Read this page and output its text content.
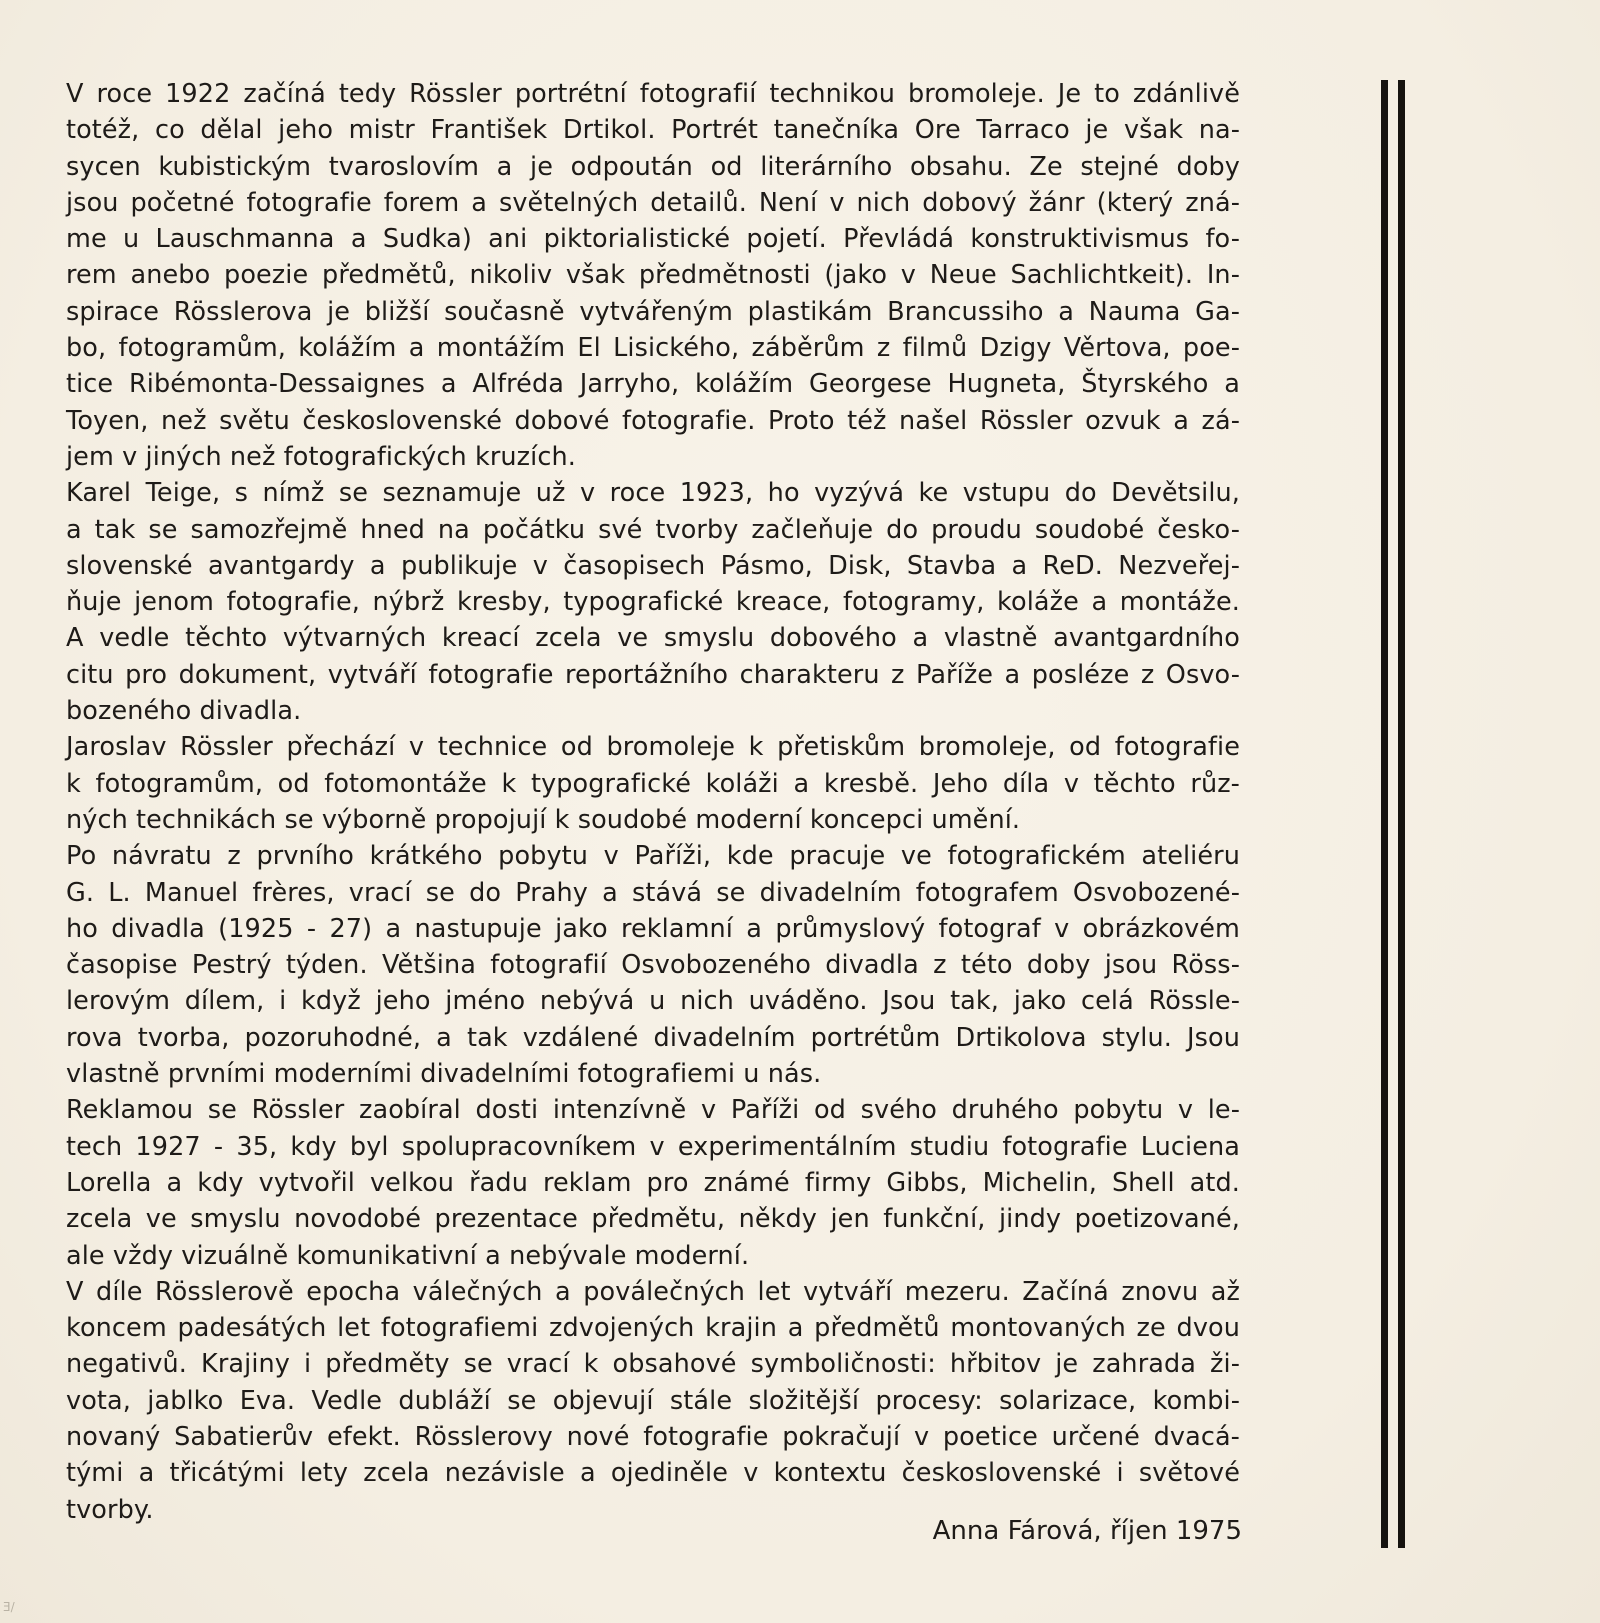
V roce 1922 začíná tedy Rössler portrétní fotografií technikou bromoleje. Je to zdánlivě
totéž, co dělal jeho mistr František Drtikol. Portrét tanečníka Ore Tarraco je však na-
sycen kubistickým tvaroslovím a je odpoután od literárního obsahu. Ze stejné doby
jsou početné fotografie forem a světelných detailů. Není v nich dobový žánr (který zná-
me u Lauschmanna a Sudka) ani piktorialistické pojetí. Převládá konstruktivismus fo-
rem anebo poezie předmětů, nikoliv však předmětnosti (jako v Neue Sachlichtkeit). In-
spirace Rösslerova je bližší současně vytvářeným plastikám Brancussiho a Nauma Ga-
bo, fotogramům, kolážím a montážím El Lisického, záběrům z filmů Dzigy Věrtova, poe-
tice Ribémonta-Dessaignes a Alfréda Jarryho, kolážím Georgese Hugneta, Štyrského a
Toyen, než světu československé dobové fotografie. Proto též našel Rössler ozvuk a zá-
jem v jiných než fotografických kruzích.
Karel Teige, s nímž se seznamuje už v roce 1923, ho vyzývá ke vstupu do Devětsilu,
a tak se samozřejmě hned na počátku své tvorby začleňuje do proudu soudobé česko-
slovenské avantgardy a publikuje v časopisech Pásmo, Disk, Stavba a ReD. Nezveřej-
ňuje jenom fotografie, nýbrž kresby, typografické kreace, fotogramy, koláže a montáže.
A vedle těchto výtvarných kreací zcela ve smyslu dobového a vlastně avantgardního
citu pro dokument, vytváří fotografie reportážního charakteru z Paříže a posléze z Osvo-
bozeného divadla.
Jaroslav Rössler přechází v technice od bromoleje k přetiskům bromoleje, od fotografie
k fotogramům, od fotomontáže k typografické koláži a kresbě. Jeho díla v těchto růz-
ných technikách se výborně propojují k soudobé moderní koncepci umění.
Po návratu z prvního krátkého pobytu v Paříži, kde pracuje ve fotografickém ateliéru
G. L. Manuel frères, vrací se do Prahy a stává se divadelním fotografem Osvobozené-
ho divadla (1925 - 27) a nastupuje jako reklamní a průmyslový fotograf v obrázkovém
časopise Pestrý týden. Většina fotografií Osvobozeného divadla z této doby jsou Röss-
lerovým dílem, i když jeho jméno nebývá u nich uváděno. Jsou tak, jako celá Rössle-
rova tvorba, pozoruhodné, a tak vzdálené divadelním portrétům Drtikolova stylu. Jsou
vlastně prvními moderními divadelními fotografiemi u nás.
Reklamou se Rössler zaobíral dosti intenzívně v Paříži od svého druhého pobytu v le-
tech 1927 - 35, kdy byl spolupracovníkem v experimentálním studiu fotografie Luciena
Lorella a kdy vytvořil velkou řadu reklam pro známé firmy Gibbs, Michelin, Shell atd.
zcela ve smyslu novodobé prezentace předmětu, někdy jen funkční, jindy poetizované,
ale vždy vizuálně komunikativní a nebývale moderní.
V díle Rösslerově epocha válečných a poválečných let vytváří mezeru. Začíná znovu až
koncem padesátých let fotografiemi zdvojených krajin a předmětů montovaných ze dvou
negativů. Krajiny i předměty se vrací k obsahové symboličnosti: hřbitov je zahrada ži-
vota, jablko Eva. Vedle dubláží se objevují stále složitější procesy: solarizace, kombi-
novaný Sabatierův efekt. Rösslerovy nové fotografie pokračují v poetice určené dvacá-
tými a třicátými lety zcela nezávisle a ojediněle v kontextu československé i světové
tvorby.
Anna Fárová, říjen 1975
Ǝ/
